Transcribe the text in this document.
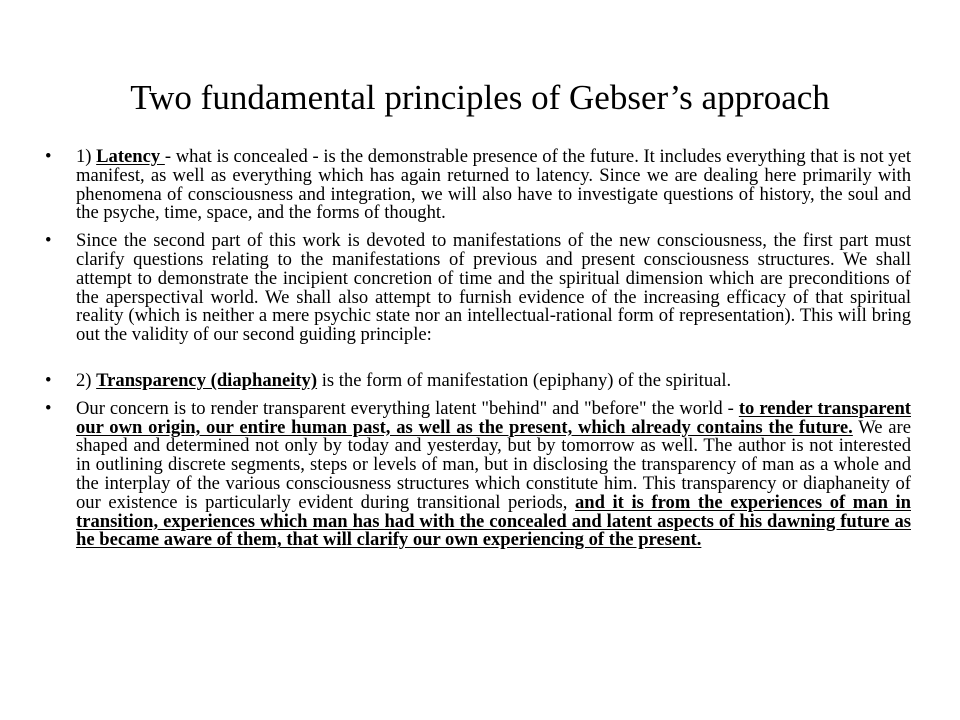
Two fundamental principles of Gebser’s approach
• 1) Latency - what is concealed - is the demonstrable presence of the future. It includes everything that is not yet manifest, as well as everything which has again returned to latency. Since we are dealing here primarily with phenomena of consciousness and integration, we will also have to investigate questions of history, the soul and the psyche, time, space, and the forms of thought.
• Since the second part of this work is devoted to manifestations of the new consciousness, the first part must clarify questions relating to the manifestations of previous and present consciousness structures. We shall attempt to demonstrate the incipient concretion of time and the spiritual dimension which are preconditions of the aperspectival world. We shall also attempt to furnish evidence of the increasing efficacy of that spiritual reality (which is neither a mere psychic state nor an intellectual-rational form of representation). This will bring out the validity of our second guiding principle:
• 2) Transparency (diaphaneity) is the form of manifestation (epiphany) of the spiritual.
• Our concern is to render transparent everything latent "behind" and "before" the world - to render transparent our own origin, our entire human past, as well as the present, which already contains the future. We are shaped and determined not only by today and yesterday, but by tomorrow as well. The author is not interested in outlining discrete segments, steps or levels of man, but in disclosing the transparency of man as a whole and the interplay of the various consciousness structures which constitute him. This transparency or diaphaneity of our existence is particularly evident during transitional periods, and it is from the experiences of man in transition, experiences which man has had with the concealed and latent aspects of his dawning future as he became aware of them, that will clarify our own experiencing of the present.
